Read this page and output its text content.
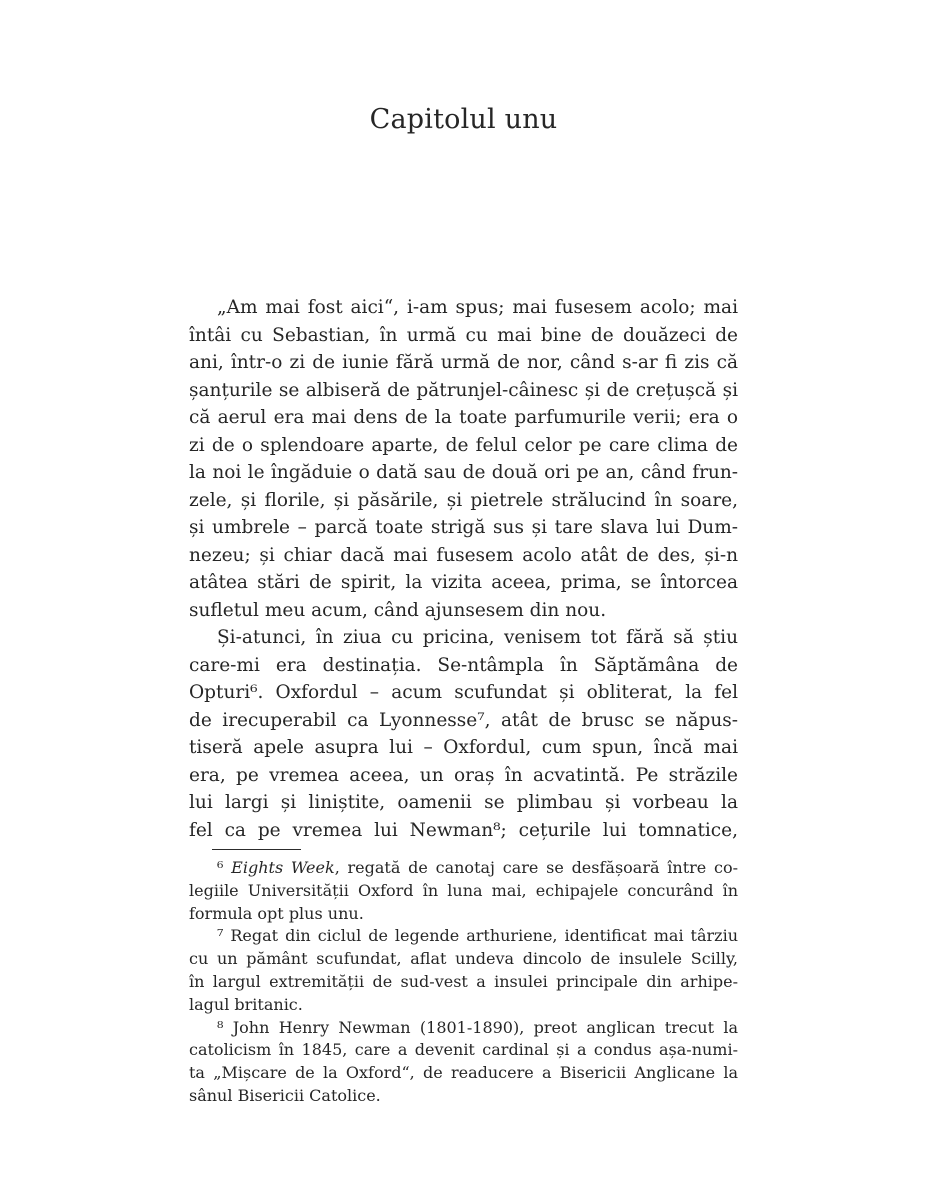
Capitolul unu
„Am mai fost aici“, i-am spus; mai fusesem acolo; mai
întâi cu Sebastian, în urmă cu mai bine de douăzeci de
ani, într-o zi de iunie fără urmă de nor, când s-ar fi zis că
șanțurile se albiseră de pătrunjel-câinesc și de crețușcă și
că aerul era mai dens de la toate parfumurile verii; era o
zi de o splendoare aparte, de felul celor pe care clima de
la noi le îngăduie o dată sau de două ori pe an, când frun-
zele, și florile, și păsările, și pietrele strălucind în soare,
și umbrele – parcă toate strigă sus și tare slava lui Dum-
nezeu; și chiar dacă mai fusesem acolo atât de des, și-n
atâtea stări de spirit, la vizita aceea, prima, se întorcea
sufletul meu acum, când ajunsesem din nou.
Și-atunci, în ziua cu pricina, venisem tot fără să știu
care-mi era destinația. Se-ntâmpla în Săptămâna de
Opturi⁶. Oxfordul – acum scufundat și obliterat, la fel
de irecuperabil ca Lyonnesse⁷, atât de brusc se năpus-
tiseră apele asupra lui – Oxfordul, cum spun, încă mai
era, pe vremea aceea, un oraș în acvatintă. Pe străzile
lui largi și liniștite, oamenii se plimbau și vorbeau la
fel ca pe vremea lui Newman⁸; cețurile lui tomnatice,
⁶ Eights Week, regată de canotaj care se desfășoară între co-
legiile Universității Oxford în luna mai, echipajele concurând în
formula opt plus unu.
⁷ Regat din ciclul de legende arthuriene, identificat mai târziu
cu un pământ scufundat, aflat undeva dincolo de insulele Scilly,
în largul extremității de sud-vest a insulei principale din arhipe-
lagul britanic.
⁸ John Henry Newman (1801-1890), preot anglican trecut la
catolicism în 1845, care a devenit cardinal și a condus așa-numi-
ta „Mișcare de la Oxford“, de readucere a Bisericii Anglicane la
sânul Bisericii Catolice.
